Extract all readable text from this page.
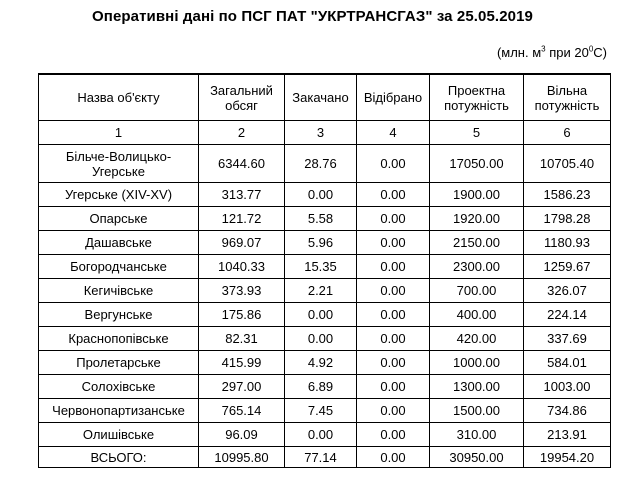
Оперативні дані по ПСГ ПАТ "УКРТРАНСГАЗ" за 25.05.2019
(млн. $м^3$ при $20^0C$)
Назва об'єкту	Загальний обсяг	Закачано	Відібрано	Проектна потужність	Вільна потужність
1	2	3	4	5	6
Більче-Волицько-Угерське	6344.60	28.76	0.00	17050.00	10705.40
Угерське (XIV-XV)	313.77	0.00	0.00	1900.00	1586.23
Опарське	121.72	5.58	0.00	1920.00	1798.28
Дашавське	969.07	5.96	0.00	2150.00	1180.93
Богородчанське	1040.33	15.35	0.00	2300.00	1259.67
Кегичівське	373.93	2.21	0.00	700.00	326.07
Вергунське	175.86	0.00	0.00	400.00	224.14
Краснопопівське	82.31	0.00	0.00	420.00	337.69
Пролетарське	415.99	4.92	0.00	1000.00	584.01
Солохівське	297.00	6.89	0.00	1300.00	1003.00
Червонопартизанське	765.14	7.45	0.00	1500.00	734.86
Олишівське	96.09	0.00	0.00	310.00	213.91
ВСЬОГО:	10995.80	77.14	0.00	30950.00	19954.20
